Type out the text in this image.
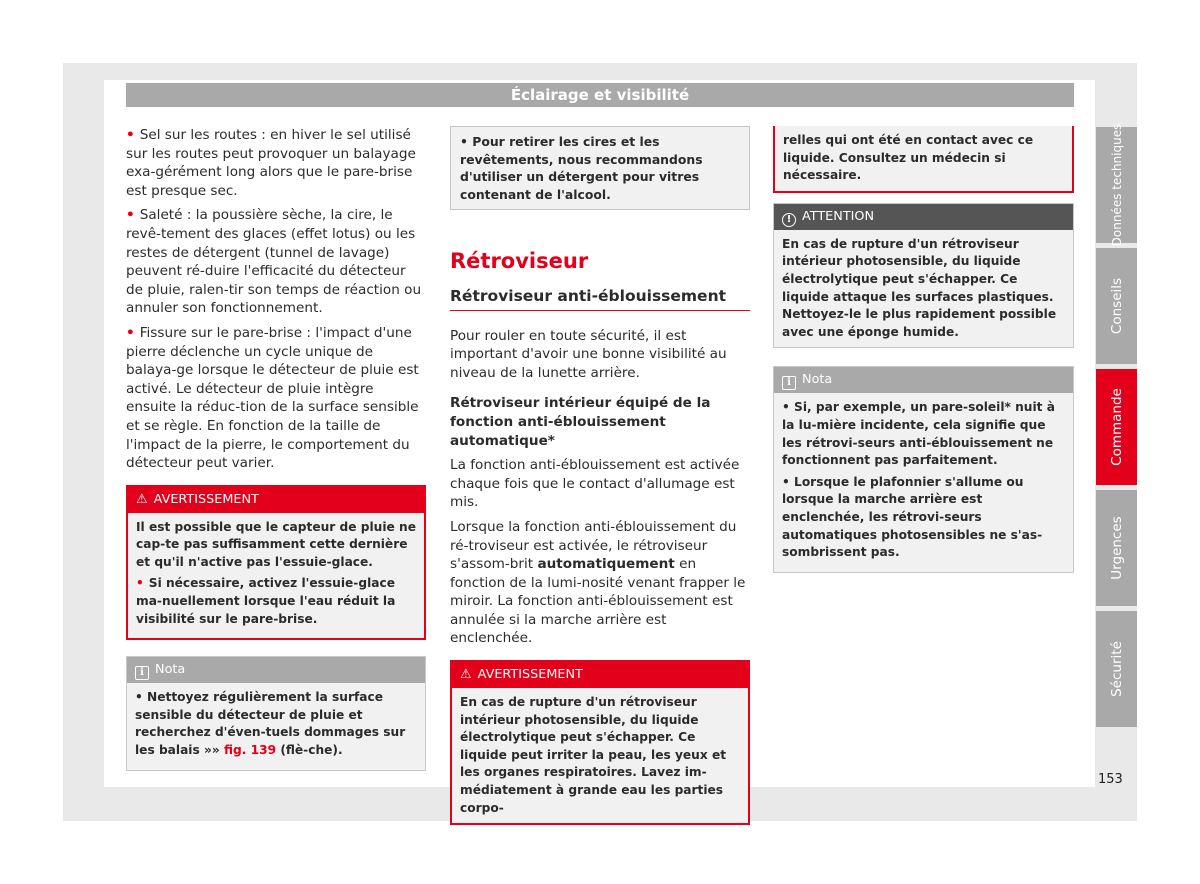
Éclairage et visibilité

• Sel sur les routes : en hiver le sel utilisé sur les routes peut provoquer un balayage exa-gérément long alors que le pare-brise est presque sec.

• Saleté : la poussière sèche, la cire, le revê-tement des glaces (effet lotus) ou les restes de détergent (tunnel de lavage) peuvent ré-duire l'efficacité du détecteur de pluie, ralen-tir son temps de réaction ou annuler son fonctionnement.

• Fissure sur le pare-brise : l'impact d'une pierre déclenche un cycle unique de balaya-ge lorsque le détecteur de pluie est activé. Le détecteur de pluie intègre ensuite la réduc-tion de la surface sensible et se règle. En fonction de la taille de l'impact de la pierre, le comportement du détecteur peut varier.

⚠ AVERTISSEMENT

Il est possible que le capteur de pluie ne cap-te pas suffisamment cette dernière et qu'il n'active pas l'essuie-glace.

• Si nécessaire, activez l'essuie-glace ma-nuellement lorsque l'eau réduit la visibilité sur le pare-brise.

i Nota

• Nettoyez régulièrement la surface sensible du détecteur de pluie et recherchez d'éven-tuels dommages sur les balais »» fig. 139 (flè-che).

• Pour retirer les cires et les revêtements, nous recommandons d'utiliser un détergent pour vitres contenant de l'alcool.
Rétroviseur
Rétroviseur anti-éblouissement

Pour rouler en toute sécurité, il est important d'avoir une bonne visibilité au niveau de la lunette arrière.

Rétroviseur intérieur équipé de la fonction anti-éblouissement automatique*

La fonction anti-éblouissement est activée chaque fois que le contact d'allumage est mis.

Lorsque la fonction anti-éblouissement du ré-troviseur est activée, le rétroviseur s'assom-brit automatiquement en fonction de la lumi-nosité venant frapper le miroir. La fonction anti-éblouissement est annulée si la marche arrière est enclenchée.

⚠ AVERTISSEMENT
En cas de rupture d'un rétroviseur intérieur photosensible, du liquide électrolytique peut s'échapper. Ce liquide peut irriter la peau, les yeux et les organes respiratoires. Lavez im-médiatement à grande eau les parties corpo-
relles qui ont été en contact avec ce liquide. Consultez un médecin si nécessaire.
! ATTENTION
En cas de rupture d'un rétroviseur intérieur photosensible, du liquide électrolytique peut s'échapper. Ce liquide attaque les surfaces plastiques. Nettoyez-le le plus rapidement possible avec une éponge humide.
i Nota

• Si, par exemple, un pare-soleil* nuit à la lu-mière incidente, cela signifie que les rétrovi-seurs anti-éblouissement ne fonctionnent pas parfaitement.

• Lorsque le plafonnier s'allume ou lorsque la marche arrière est enclenchée, les rétrovi-seurs automatiques photosensibles ne s'as-sombrissent pas.

Données techniques
Conseils
Commande
Urgences
Sécurité
153
